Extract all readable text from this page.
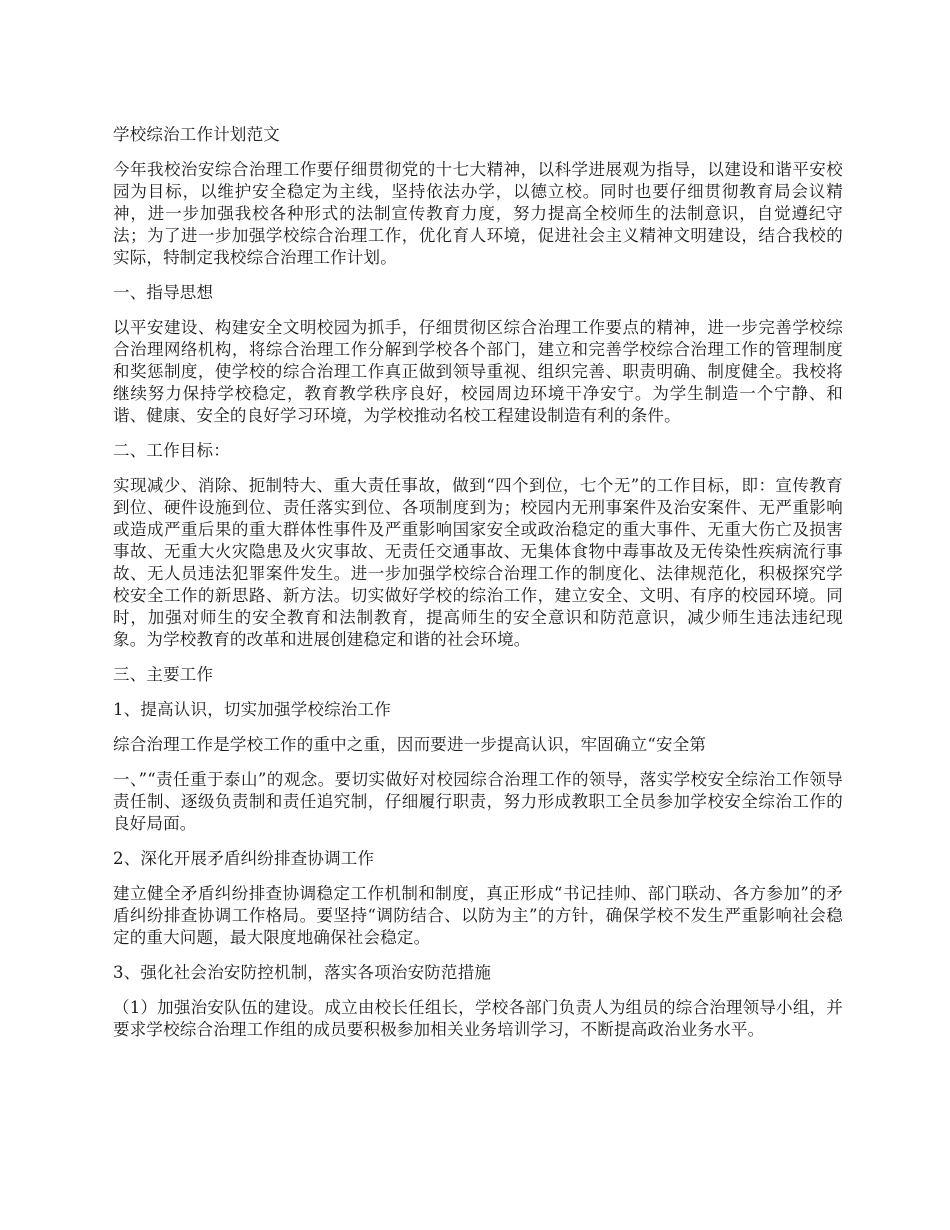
学校综治工作计划范文

今年我校治安综合治理工作要仔细贯彻党的十七大精神，以科学进展观为指导，以建设和谐平安校园为目标，以维护安全稳定为主线，坚持依法办学，以德立校。同时也要仔细贯彻教育局会议精神，进一步加强我校各种形式的法制宣传教育力度，努力提高全校师生的法制意识，自觉遵纪守法；为了进一步加强学校综合治理工作，优化育人环境，促进社会主义精神文明建设，结合我校的实际，特制定我校综合治理工作计划。

一、指导思想

以平安建设、构建安全文明校园为抓手，仔细贯彻区综合治理工作要点的精神，进一步完善学校综合治理网络机构，将综合治理工作分解到学校各个部门，建立和完善学校综合治理工作的管理制度和奖惩制度，使学校的综合治理工作真正做到领导重视、组织完善、职责明确、制度健全。我校将继续努力保持学校稳定，教育教学秩序良好，校园周边环境干净安宁。为学生制造一个宁静、和谐、健康、安全的良好学习环境，为学校推动名校工程建设制造有利的条件。

二、工作目标：

实现减少、消除、扼制特大、重大责任事故，做到“四个到位，七个无”的工作目标，即：宣传教育到位、硬件设施到位、责任落实到位、各项制度到为；校园内无刑事案件及治安案件、无严重影响或造成严重后果的重大群体性事件及严重影响国家安全或政治稳定的重大事件、无重大伤亡及损害事故、无重大火灾隐患及火灾事故、无责任交通事故、无集体食物中毒事故及无传染性疾病流行事故、无人员违法犯罪案件发生。进一步加强学校综合治理工作的制度化、法律规范化，积极探究学校安全工作的新思路、新方法。切实做好学校的综治工作，建立安全、文明、有序的校园环境。同时，加强对师生的安全教育和法制教育，提高师生的安全意识和防范意识，减少师生违法违纪现象。为学校教育的改革和进展创建稳定和谐的社会环境。

三、主要工作

1、提高认识，切实加强学校综治工作

综合治理工作是学校工作的重中之重，因而要进一步提高认识，牢固确立“安全第

一、”“责任重于泰山”的观念。要切实做好对校园综合治理工作的领导，落实学校安全综治工作领导责任制、逐级负责制和责任追究制，仔细履行职责，努力形成教职工全员参加学校安全综治工作的良好局面。

2、深化开展矛盾纠纷排查协调工作

建立健全矛盾纠纷排查协调稳定工作机制和制度，真正形成“书记挂帅、部门联动、各方参加”的矛盾纠纷排查协调工作格局。要坚持“调防结合、以防为主”的方针，确保学校不发生严重影响社会稳定的重大问题，最大限度地确保社会稳定。

3、强化社会治安防控机制，落实各项治安防范措施

（1）加强治安队伍的建设。成立由校长任组长，学校各部门负责人为组员的综合治理领导小组，并要求学校综合治理工作组的成员要积极参加相关业务培训学习，不断提高政治业务水平。
